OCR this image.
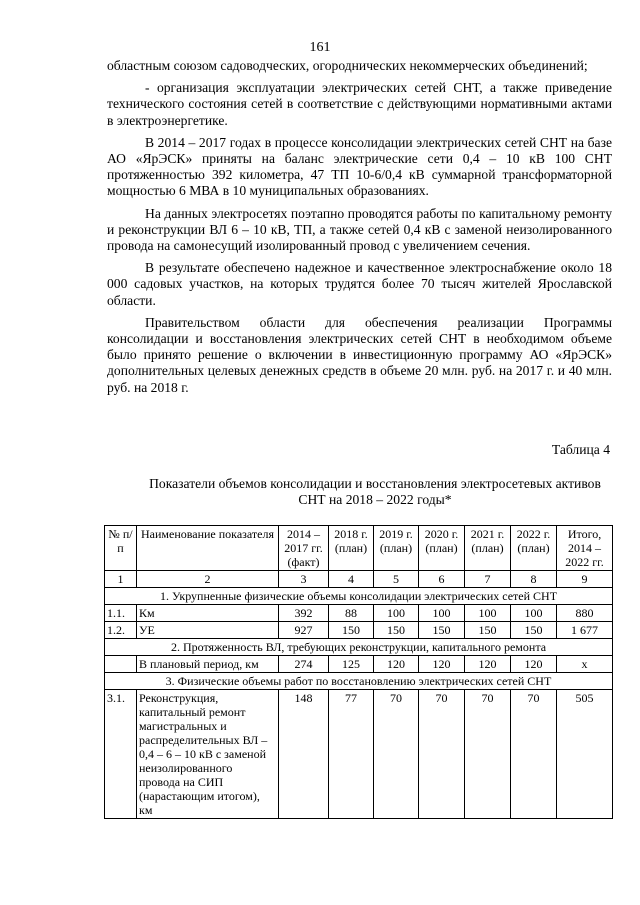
161

областным союзом садоводческих, огороднических некоммерческих объединений;

- организация эксплуатации электрических сетей СНТ, а также приведение технического состояния сетей в соответствие с действующими нормативными актами в электроэнергетике.

В 2014 – 2017 годах в процессе консолидации электрических сетей СНТ на базе АО «ЯрЭСК» приняты на баланс электрические сети 0,4 – 10 кВ 100 СНТ протяженностью 392 километра, 47 ТП 10-6/0,4 кВ суммарной трансформаторной мощностью 6 МВА в 10 муниципальных образованиях.

На данных электросетях поэтапно проводятся работы по капитальному ремонту и реконструкции ВЛ 6 – 10 кВ, ТП, а также сетей 0,4 кВ с заменой неизолированного провода на самонесущий изолированный провод с увеличением сечения.

В результате обеспечено надежное и качественное электроснабжение около 18 000 садовых участков, на которых трудятся более 70 тысяч жителей Ярославской области.

Правительством области для обеспечения реализации Программы консолидации и восстановления электрических сетей СНТ в необходимом объеме было принято решение о включении в инвестиционную программу АО «ЯрЭСК» дополнительных целевых денежных средств в объеме 20 млн. руб. на 2017 г. и 40 млн. руб. на 2018 г.

Таблица 4
Показатели объемов консолидации и восстановления электросетевых активов СНТ на 2018 – 2022 годы*
№ п/п	Наименование показателя	2014 – 2017 гг. (факт)	2018 г. (план)	2019 г. (план)	2020 г. (план)	2021 г. (план)	2022 г. (план)	Итого, 2014 – 2022 гг.
1	2	3	4	5	6	7	8	9
1. Укрупненные физические объемы консолидации электрических сетей СНТ								
1.1.	Км	392	88	100	100	100	100	880
1.2.	УЕ	927	150	150	150	150	150	1 677
2. Протяженность ВЛ, требующих реконструкции, капитального ремонта								
	В плановый период, км	274	125	120	120	120	120	х
3. Физические объемы работ по восстановлению электрических сетей СНТ								
3.1.	Реконструкция, капитальный ремонт магистральных и распределительных ВЛ – 0,4 – 6 – 10 кВ с заменой неизолированного провода на СИП (нарастающим итогом), км	148	77	70	70	70	70	505
